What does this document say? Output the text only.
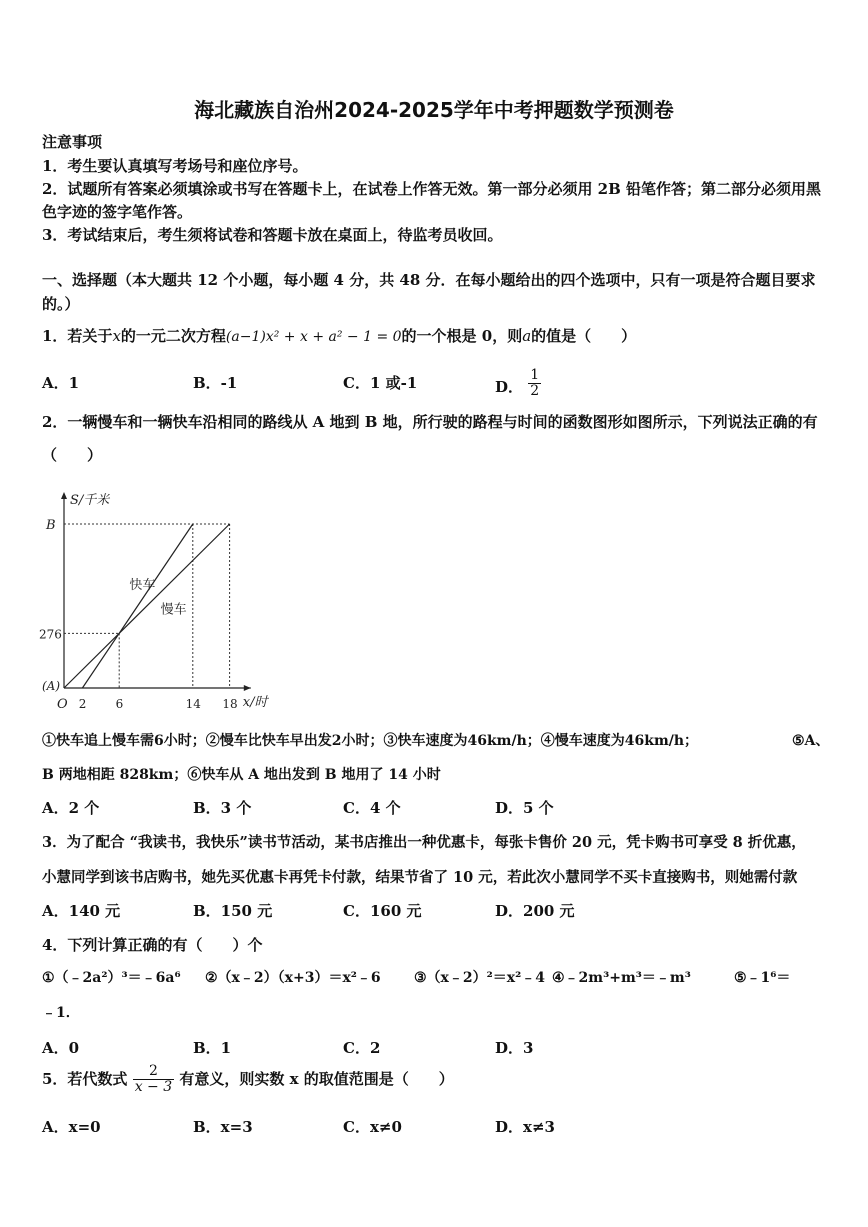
海北藏族自治州2024-2025学年中考押题数学预测卷
注意事项
1．考生要认真填写考场号和座位序号。
2．试题所有答案必须填涂或书写在答题卡上，在试卷上作答无效。第一部分必须用 2B 铅笔作答；第二部分必须用黑
色字迹的签字笔作答。
3．考试结束后，考生须将试卷和答题卡放在桌面上，待监考员收回。
一、选择题（本大题共 12 个小题，每小题 4 分，共 48 分．在每小题给出的四个选项中，只有一项是符合题目要求
的。）
1．若关于x的一元二次方程(a−1)x² + x + a² − 1 = 0的一个根是 0，则a的值是（　　）
A．1	B．-1	C．1 或-1	D． $\frac{1}{2}$
2．一辆慢车和一辆快车沿相同的路线从 A 地到 B 地，所行驶的路程与时间的函数图形如图所示，下列说法正确的有
（　　）
快车
慢车
S/千米
x/时
B
276
(A)
O 2 6	14 18
①快车追上慢车需6小时；②慢车比快车早出发2小时；③快车速度为46km/h；④慢车速度为46km/h；	⑤A、
B 两地相距 828km；⑥快车从 A 地出发到 B 地用了 14 小时
A．2 个	B．3 个	C．4 个	D．5 个
3．为了配合 “我读书，我快乐”读书节活动，某书店推出一种优惠卡，每张卡售价 20 元，凭卡购书可享受 8 折优惠，
小慧同学到该书店购书，她先买优惠卡再凭卡付款，结果节省了 10 元，若此次小慧同学不买卡直接购书，则她需付款
A．140 元	B．150 元	C．160 元	D．200 元
4．下列计算正确的有（　　）个
①（﹣2a²）³＝﹣6a⁶ ②（x﹣2）（x+3）＝x²﹣6 ③（x﹣2）²＝x²﹣4 ④﹣2m³+m³＝﹣m³	⑤﹣1⁶＝
﹣1．
A．0	B．1	C．2	D．3
5．若代数式 $\frac{2}{x - 3}$ 有意义，则实数 x 的取值范围是（　　）
A．x=0	B．x=3	C．x≠0	D．x≠3
